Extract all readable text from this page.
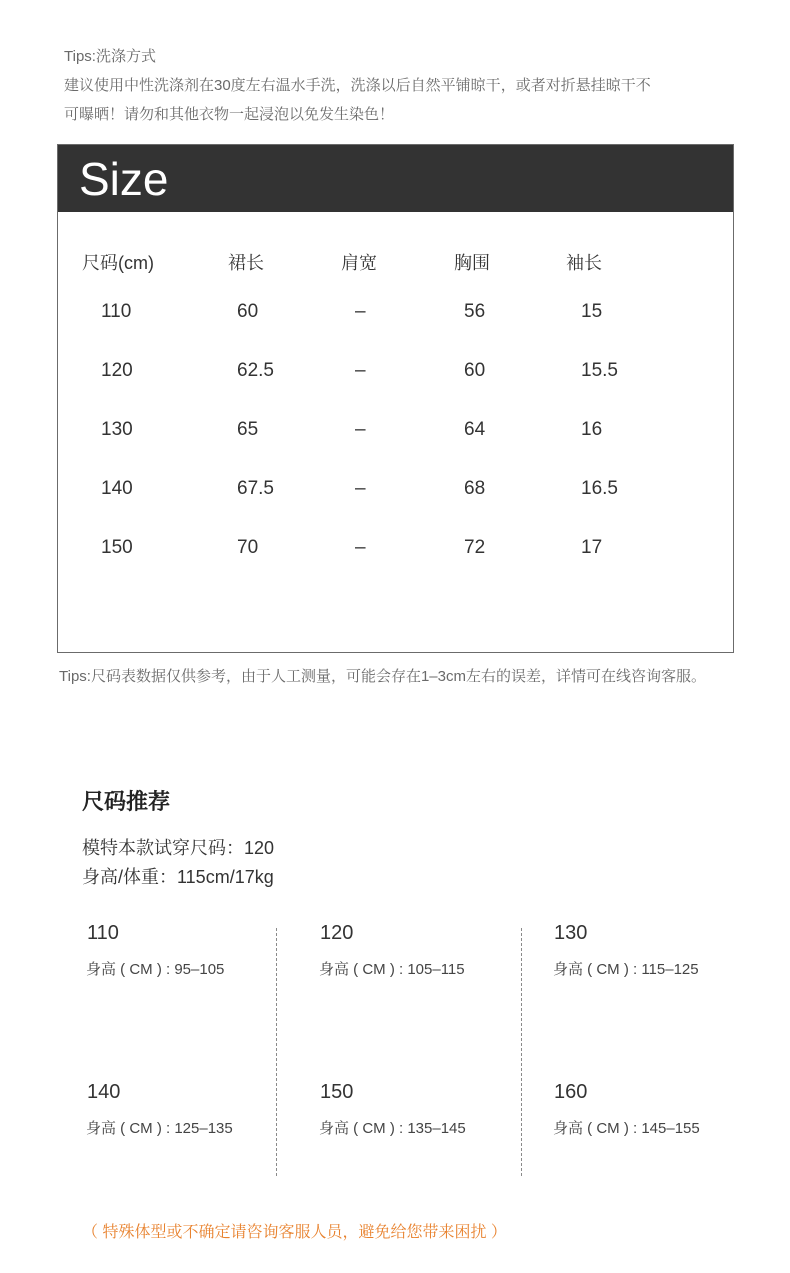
Tips:洗涤方式
建议使用中性洗涤剂在30度左右温水手洗，洗涤以后自然平铺晾干，或者对折悬挂晾干不
可曝晒！请勿和其他衣物一起浸泡以免发生染色！
Size
尺码(cm)	裙长	肩宽	胸围	袖长
110	60	–	56	15
120	62.5	–	60	15.5
130	65	–	64	16
140	67.5	–	68	16.5
150	70	–	72	17
Tips:尺码表数据仅供参考，由于人工测量，可能会存在1–3cm左右的误差，详情可在线咨询客服。
尺码推荐
模特本款试穿尺码：120
身高/体重：115cm/17kg
110
身高 ( CM ) : 95–105
120
身高 ( CM ) : 105–115
130
身高 ( CM ) : 115–125
140
身高 ( CM ) : 125–135
150
身高 ( CM ) : 135–145
160
身高 ( CM ) : 145–155
（ 特殊体型或不确定请咨询客服人员，避免给您带来困扰 ）
